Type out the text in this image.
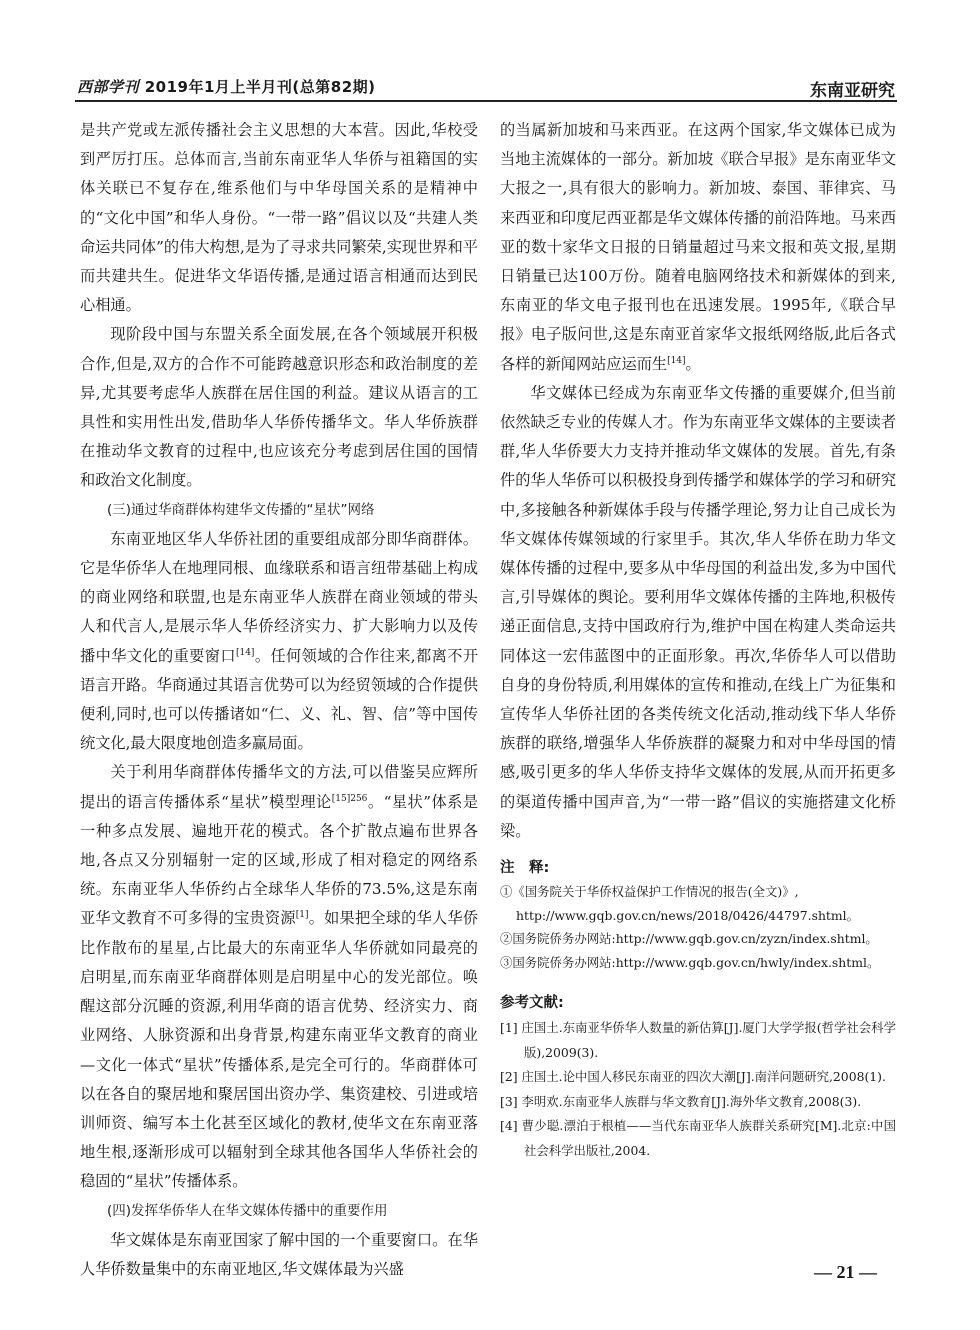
西部学刊 2019年1月上半月刊(总第82期)	东南亚研究

是共产党或左派传播社会主义思想的大本营。因此,华校受到严厉打压。总体而言,当前东南亚华人华侨与祖籍国的实体关联已不复存在,维系他们与中华母国关系的是精神中的“文化中国”和华人身份。“一带一路”倡议以及“共建人类命运共同体”的伟大构想,是为了寻求共同繁荣,实现世界和平而共建共生。促进华文华语传播,是通过语言相通而达到民心相通。

现阶段中国与东盟关系全面发展,在各个领域展开积极合作,但是,双方的合作不可能跨越意识形态和政治制度的差异,尤其要考虑华人族群在居住国的利益。建议从语言的工具性和实用性出发,借助华人华侨传播华文。华人华侨族群在推动华文教育的过程中,也应该充分考虑到居住国的国情和政治文化制度。

(三)通过华商群体构建华文传播的“星状”网络

东南亚地区华人华侨社团的重要组成部分即华商群体。它是华侨华人在地理同根、血缘联系和语言纽带基础上构成的商业网络和联盟,也是东南亚华人族群在商业领域的带头人和代言人,是展示华人华侨经济实力、扩大影响力以及传播中华文化的重要窗口[14]。任何领域的合作往来,都离不开语言开路。华商通过其语言优势可以为经贸领域的合作提供便利,同时,也可以传播诸如“仁、义、礼、智、信”等中国传统文化,最大限度地创造多赢局面。

关于利用华商群体传播华文的方法,可以借鉴吴应辉所提出的语言传播体系“星状”模型理论$^{[15]256}$。“星状”体系是一种多点发展、遍地开花的模式。各个扩散点遍布世界各地,各点又分别辐射一定的区域,形成了相对稳定的网络系统。东南亚华人华侨约占全球华人华侨的73.5%,这是东南亚华文教育不可多得的宝贵资源[1]。如果把全球的华人华侨比作散布的星星,占比最大的东南亚华人华侨就如同最亮的启明星,而东南亚华商群体则是启明星中心的发光部位。唤醒这部分沉睡的资源,利用华商的语言优势、经济实力、商业网络、人脉资源和出身背景,构建东南亚华文教育的商业—文化一体式“星状”传播体系,是完全可行的。华商群体可以在各自的聚居地和聚居国出资办学、集资建校、引进或培训师资、编写本土化甚至区域化的教材,使华文在东南亚落地生根,逐渐形成可以辐射到全球其他各国华人华侨社会的稳固的“星状”传播体系。

(四)发挥华侨华人在华文媒体传播中的重要作用

华文媒体是东南亚国家了解中国的一个重要窗口。在华人华侨数量集中的东南亚地区,华文媒体最为兴盛

的当属新加坡和马来西亚。在这两个国家,华文媒体已成为当地主流媒体的一部分。新加坡《联合早报》是东南亚华文大报之一,具有很大的影响力。新加坡、泰国、菲律宾、马来西亚和印度尼西亚都是华文媒体传播的前沿阵地。马来西亚的数十家华文日报的日销量超过马来文报和英文报,星期日销量已达100万份。随着电脑网络技术和新媒体的到来,东南亚的华文电子报刊也在迅速发展。1995年,《联合早报》电子版问世,这是东南亚首家华文报纸网络版,此后各式各样的新闻网站应运而生[14]。

华文媒体已经成为东南亚华文传播的重要媒介,但当前依然缺乏专业的传媒人才。作为东南亚华文媒体的主要读者群,华人华侨要大力支持并推动华文媒体的发展。首先,有条件的华人华侨可以积极投身到传播学和媒体学的学习和研究中,多接触各种新媒体手段与传播学理论,努力让自己成长为华文媒体传媒领域的行家里手。其次,华人华侨在助力华文媒体传播的过程中,要多从中华母国的利益出发,多为中国代言,引导媒体的舆论。要利用华文媒体传播的主阵地,积极传递正面信息,支持中国政府行为,维护中国在构建人类命运共同体这一宏伟蓝图中的正面形象。再次,华侨华人可以借助自身的身份特质,利用媒体的宣传和推动,在线上广为征集和宣传华人华侨社团的各类传统文化活动,推动线下华人华侨族群的联络,增强华人华侨族群的凝聚力和对中华母国的情感,吸引更多的华人华侨支持华文媒体的发展,从而开拓更多的渠道传播中国声音,为“一带一路”倡议的实施搭建文化桥梁。

注　释:
①《国务院关于华侨权益保护工作情况的报告(全文)》, http://www.gqb.gov.cn/news/2018/0426/44797.shtml。
②国务院侨务办网站:http://www.gqb.gov.cn/zyzn/index.shtml。
③国务院侨务办网站:http://www.gqb.gov.cn/hwly/index.shtml。
参考文献:
[1] 庄国土.东南亚华侨华人数量的新估算[J].厦门大学学报(哲学社会科学版),2009(3).
[2] 庄国土.论中国人移民东南亚的四次大潮[J].南洋问题研究,2008(1).
[3] 李明欢.东南亚华人族群与华文教育[J].海外华文教育,2008(3).
[4] 曹少聪.漂泊于根植——当代东南亚华人族群关系研究[M].北京:中国社会科学出版社,2004.
— 21 —
